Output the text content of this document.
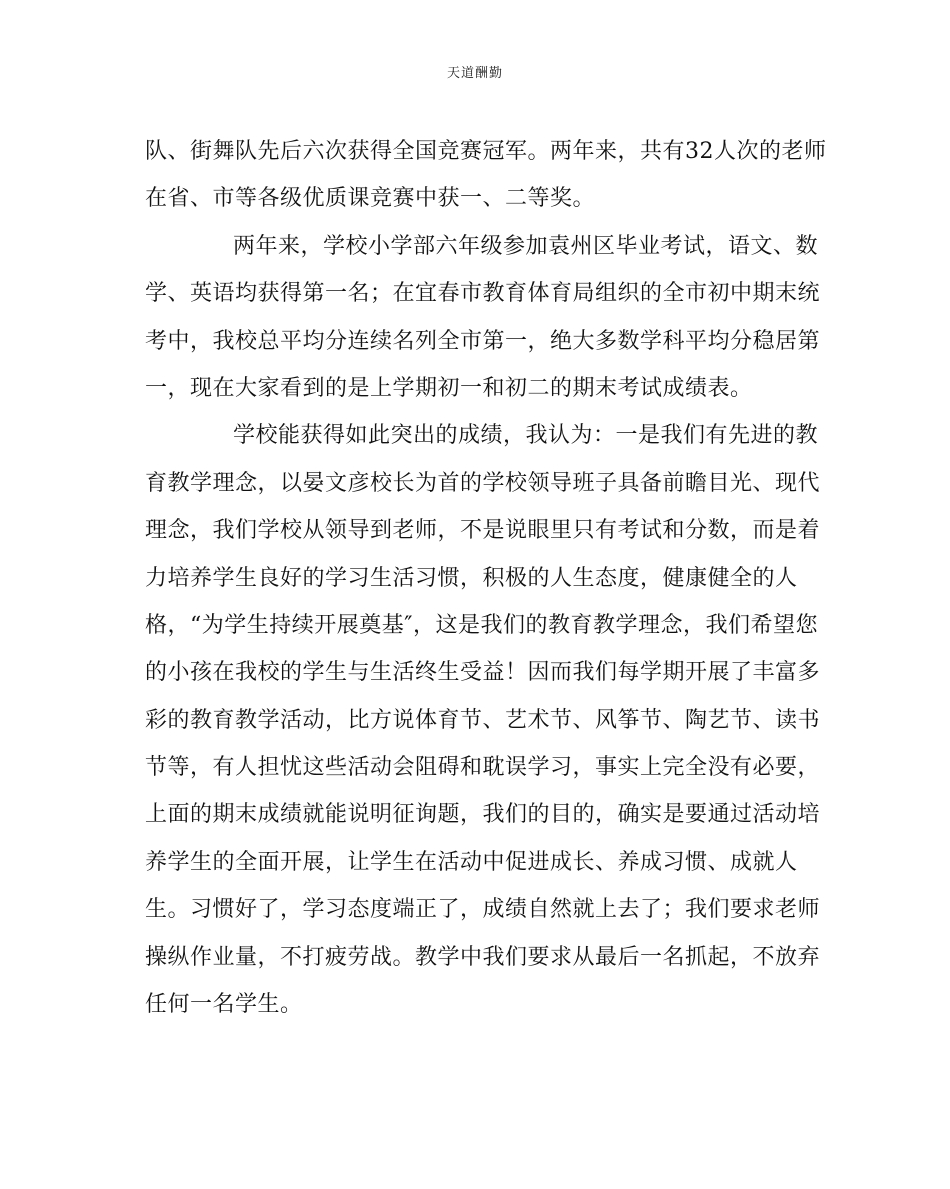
天道酬勤
队、街舞队先后六次获得全国竞赛冠军。两年来，共有32人次的老师
在省、市等各级优质课竞赛中获一、二等奖。
两年来，学校小学部六年级参加袁州区毕业考试，语文、数
学、英语均获得第一名；在宜春市教育体育局组织的全市初中期末统
考中，我校总平均分连续名列全市第一，绝大多数学科平均分稳居第
一，现在大家看到的是上学期初一和初二的期末考试成绩表。
学校能获得如此突出的成绩，我认为：一是我们有先进的教
育教学理念，以晏文彦校长为首的学校领导班子具备前瞻目光、现代
理念，我们学校从领导到老师，不是说眼里只有考试和分数，而是着
力培养学生良好的学习生活习惯，积极的人生态度，健康健全的人
格，“为学生持续开展奠基″，这是我们的教育教学理念，我们希望您
的小孩在我校的学生与生活终生受益！因而我们每学期开展了丰富多
彩的教育教学活动，比方说体育节、艺术节、风筝节、陶艺节、读书
节等，有人担忧这些活动会阻碍和耽误学习，事实上完全没有必要，
上面的期末成绩就能说明征询题，我们的目的，确实是要通过活动培
养学生的全面开展，让学生在活动中促进成长、养成习惯、成就人
生。习惯好了，学习态度端正了，成绩自然就上去了；我们要求老师
操纵作业量，不打疲劳战。教学中我们要求从最后一名抓起，不放弃
任何一名学生。
